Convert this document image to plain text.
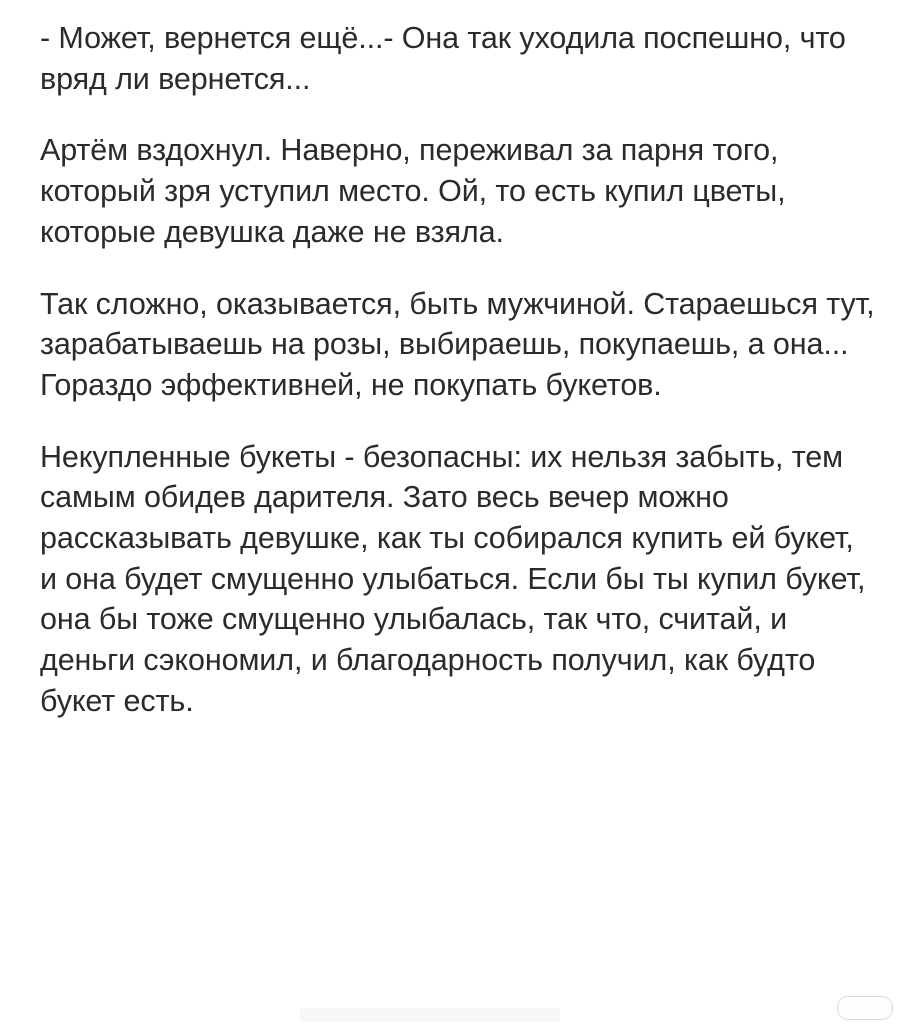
- Может, вернется ещё...- Она так уходила поспешно, что вряд ли вернется...

Артём вздохнул. Наверно, переживал за парня того, который зря уступил место. Ой, то есть купил цветы, которые девушка даже не взяла.

Так сложно, оказывается, быть мужчиной. Стараешься тут, зарабатываешь на розы, выбираешь, покупаешь, а она... Гораздо эффективней, не покупать букетов.

Некупленные букеты - безопасны: их нельзя забыть, тем самым обидев дарителя. Зато весь вечер можно рассказывать девушке, как ты собирался купить ей букет, и она будет смущенно улыбаться. Если бы ты купил букет, она бы тоже смущенно улыбалась, так что, считай, и деньги сэкономил, и благодарность получил, как будто букет есть.
